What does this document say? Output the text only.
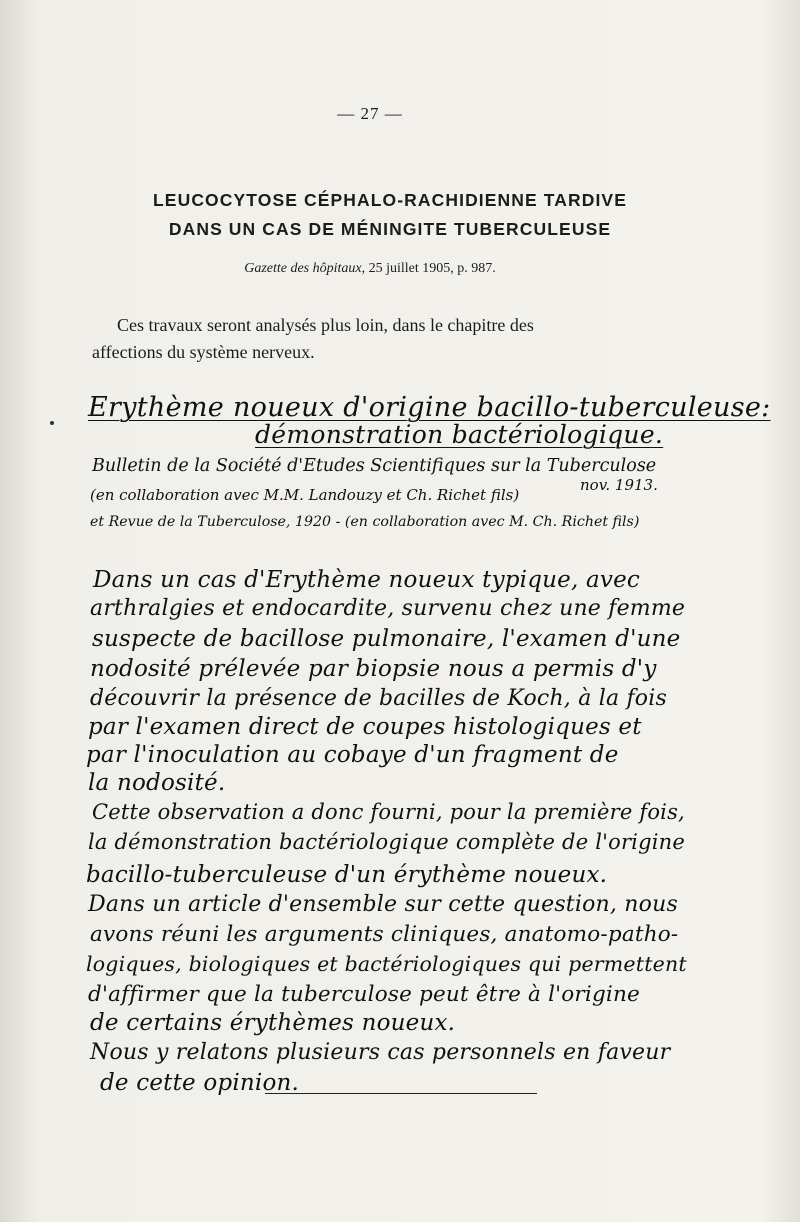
— 27 —
LEUCOCYTOSE CÉPHALO-RACHIDIENNE TARDIVE
DANS UN CAS DE MÉNINGITE TUBERCULEUSE
Gazette des hôpitaux, 25 juillet 1905, p. 987.
Ces travaux seront analysés plus loin, dans le chapitre des
affections du système nerveux.
Erythème noueux d'origine bacillo-tuberculeuse:
démonstration bactériologique.
Bulletin de la Société d'Etudes Scientifiques sur la Tuberculose
nov. 1913.
(en collaboration avec M.M. Landouzy et Ch. Richet fils)
et Revue de la Tuberculose, 1920 - (en collaboration avec M. Ch. Richet fils)
Dans un cas d'Erythème noueux typique, avec
arthralgies et endocardite, survenu chez une femme
suspecte de bacillose pulmonaire, l'examen d'une
nodosité prélevée par biopsie nous a permis d'y
découvrir la présence de bacilles de Koch, à la fois
par l'examen direct de coupes histologiques et
par l'inoculation au cobaye d'un fragment de
la nodosité.
Cette observation a donc fourni, pour la première fois,
la démonstration bactériologique complète de l'origine
bacillo-tuberculeuse d'un érythème noueux.
Dans un article d'ensemble sur cette question, nous
avons réuni les arguments cliniques, anatomo-patho-
logiques, biologiques et bactériologiques qui permettent
d'affirmer que la tuberculose peut être à l'origine
de certains érythèmes noueux.
Nous y relatons plusieurs cas personnels en faveur
de cette opinion.
